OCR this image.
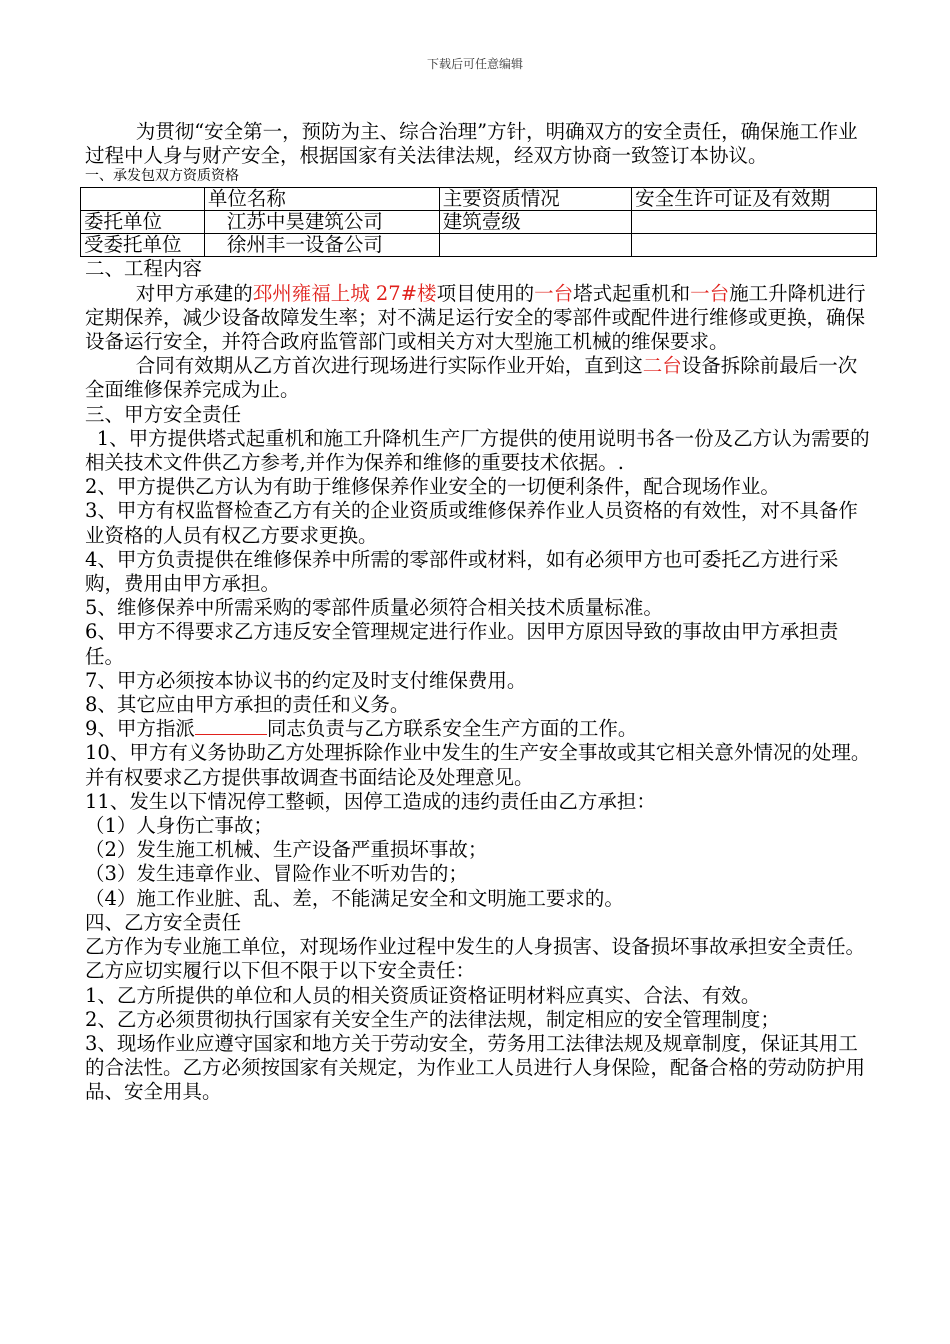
下载后可任意编辑

为贯彻“安全第一，预防为主、综合治理”方针，明确双方的安全责任，确保施工作业过程中人身与财产安全，根据国家有关法律法规，经双方协商一致签订本协议。

一、承发包双方资质资格

	单位名称	主要资质情况	安全生许可证及有效期
委托单位	江苏中昊建筑公司	建筑壹级	
受委托单位	徐州丰一设备公司		

二、工程内容

对甲方承建的邳州雍福上城 27#楼项目使用的一台塔式起重机和一台施工升降机进行定期保养，减少设备故障发生率；对不满足运行安全的零部件或配件进行维修或更换，确保设备运行安全，并符合政府监管部门或相关方对大型施工机械的维保要求。

合同有效期从乙方首次进行现场进行实际作业开始，直到这二台设备拆除前最后一次全面维修保养完成为止。

三、甲方安全责任

1、甲方提供塔式起重机和施工升降机生产厂方提供的使用说明书各一份及乙方认为需要的相关技术文件供乙方参考,并作为保养和维修的重要技术依据。.

2、甲方提供乙方认为有助于维修保养作业安全的一切便利条件，配合现场作业。

3、甲方有权监督检查乙方有关的企业资质或维修保养作业人员资格的有效性，对不具备作业资格的人员有权乙方要求更换。

4、甲方负责提供在维修保养中所需的零部件或材料，如有必须甲方也可委托乙方进行采购，费用由甲方承担。

5、维修保养中所需采购的零部件质量必须符合相关技术质量标准。

6、甲方不得要求乙方违反安全管理规定进行作业。因甲方原因导致的事故由甲方承担责任。

7、甲方必须按本协议书的约定及时支付维保费用。

8、其它应由甲方承担的责任和义务。

9、甲方指派	同志负责与乙方联系安全生产方面的工作。

10、甲方有义务协助乙方处理拆除作业中发生的生产安全事故或其它相关意外情况的处理。并有权要求乙方提供事故调查书面结论及处理意见。

11、发生以下情况停工整顿，因停工造成的违约责任由乙方承担：

（1）人身伤亡事故；

（2）发生施工机械、生产设备严重损坏事故；

（3）发生违章作业、冒险作业不听劝告的；

（4）施工作业脏、乱、差，不能满足安全和文明施工要求的。

四、乙方安全责任

乙方作为专业施工单位，对现场作业过程中发生的人身损害、设备损坏事故承担安全责任。乙方应切实履行以下但不限于以下安全责任：

1、乙方所提供的单位和人员的相关资质证资格证明材料应真实、合法、有效。

2、乙方必须贯彻执行国家有关安全生产的法律法规，制定相应的安全管理制度；

3、现场作业应遵守国家和地方关于劳动安全，劳务用工法律法规及规章制度，保证其用工的合法性。乙方必须按国家有关规定，为作业工人员进行人身保险，配备合格的劳动防护用品、安全用具。
